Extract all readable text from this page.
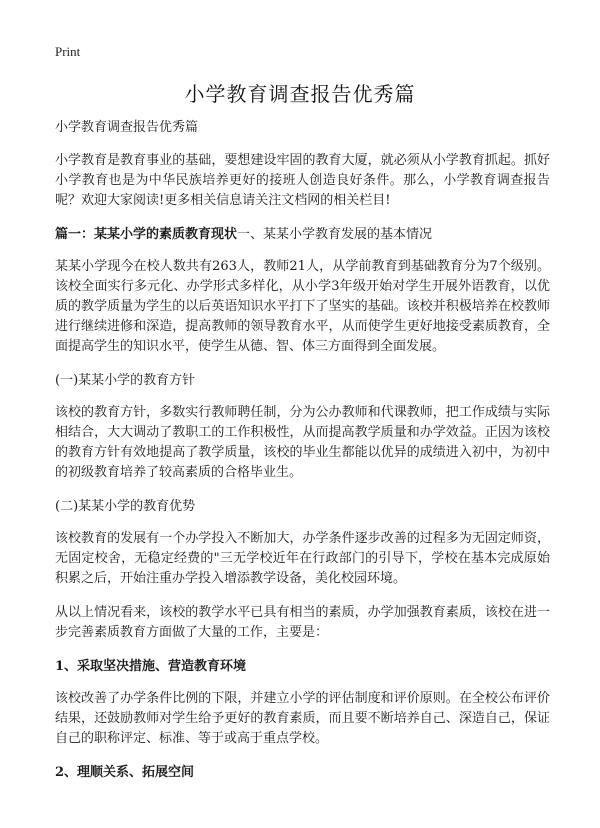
Print
小学教育调查报告优秀篇

小学教育调查报告优秀篇

小学教育是教育事业的基础，要想建设牢固的教育大厦，就必须从小学教育抓起。抓好小学教育也是为中华民族培养更好的接班人创造良好条件。那么，小学教育调查报告呢？欢迎大家阅读!更多相关信息请关注文档网的相关栏目!

篇一：某某小学的素质教育现状一、某某小学教育发展的基本情况

某某小学现今在校人数共有263人，教师21人，从学前教育到基础教育分为7个级别。该校全面实行多元化、办学形式多样化，从小学3年级开始对学生开展外语教育，以优质的教学质量为学生的以后英语知识水平打下了坚实的基础。该校并积极培养在校教师进行继续进修和深造，提高教师的领导教育水平，从而使学生更好地接受素质教育，全面提高学生的知识水平，使学生从德、智、体三方面得到全面发展。

(一)某某小学的教育方针

该校的教育方针，多数实行教师聘任制，分为公办教师和代课教师，把工作成绩与实际相结合，大大调动了教职工的工作积极性，从而提高教学质量和办学效益。正因为该校的教育方针有效地提高了教学质量，该校的毕业生都能以优异的成绩进入初中，为初中的初级教育培养了较高素质的合格毕业生。

(二)某某小学的教育优势

该校教育的发展有一个办学投入不断加大，办学条件逐步改善的过程多为无固定师资，无固定校舍，无稳定经费的"三无学校近年在行政部门的引导下，学校在基本完成原始积累之后，开始注重办学投入增添教学设备，美化校园环境。

从以上情况看来，该校的教学水平已具有相当的素质，办学加强教育素质，该校在进一步完善素质教育方面做了大量的工作，主要是：

1、采取坚决措施、营造教育环境

该校改善了办学条件比例的下限，并建立小学的评估制度和评价原则。在全校公布评价结果，还鼓励教师对学生给予更好的教育素质，而且要不断培养自己、深造自己，保证自己的职称评定、标准、等于或高于重点学校。

2、理顺关系、拓展空间
